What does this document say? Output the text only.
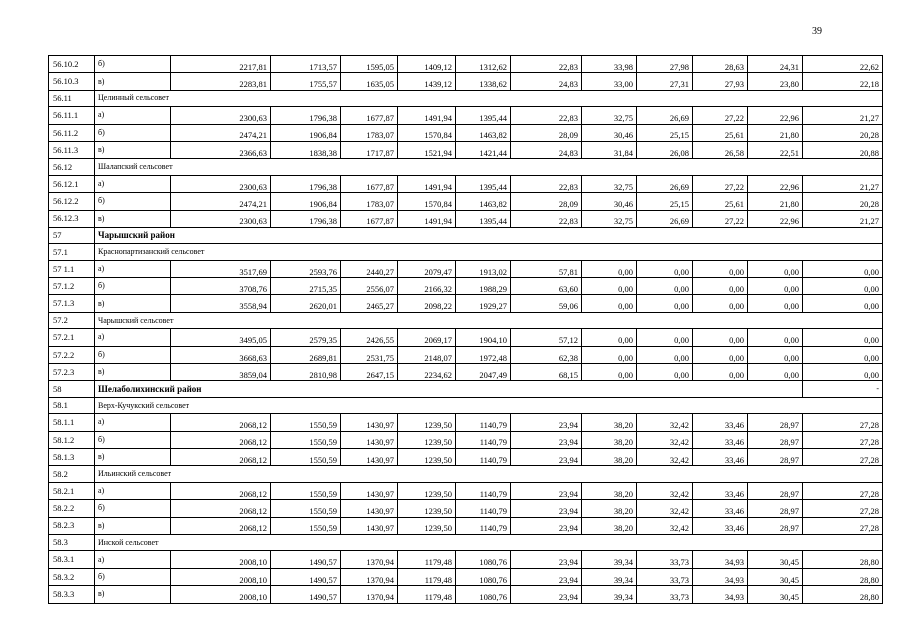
39
56.10.2	б)	2217,81	1713,57	1595,05	1409,12	1312,62	22,83	33,98	27,98	28,63	24,31	22,62
56.10.3	в)	2283,81	1755,57	1635,05	1439,12	1338,62	24,83	33,00	27,31	27,93	23,80	22,18
56.11	Целинный сельсовет											
56.11.1	а)	2300,63	1796,38	1677,87	1491,94	1395,44	22,83	32,75	26,69	27,22	22,96	21,27
56.11.2	б)	2474,21	1906,84	1783,07	1570,84	1463,82	28,09	30,46	25,15	25,61	21,80	20,28
56.11.3	в)	2366,63	1838,38	1717,87	1521,94	1421,44	24,83	31,84	26,08	26,58	22,51	20,88
56.12	Шалапский сельсовет											
56.12.1	а)	2300,63	1796,38	1677,87	1491,94	1395,44	22,83	32,75	26,69	27,22	22,96	21,27
56.12.2	б)	2474,21	1906,84	1783,07	1570,84	1463,82	28,09	30,46	25,15	25,61	21,80	20,28
56.12.3	в)	2300,63	1796,38	1677,87	1491,94	1395,44	22,83	32,75	26,69	27,22	22,96	21,27
57	Чарышский район											
57.1	Краснопартизанский сельсовет											
57 1.1	а)	3517,69	2593,76	2440,27	2079,47	1913,02	57,81	0,00	0,00	0,00	0,00	0,00
57.1.2	б)	3708,76	2715,35	2556,07	2166,32	1988,29	63,60	0,00	0,00	0,00	0,00	0,00
57.1.3	в)	3558,94	2620,01	2465,27	2098,22	1929,27	59,06	0,00	0,00	0,00	0,00	0,00
57.2	Чарышский сельсовет											
57.2.1	а)	3495,05	2579,35	2426,55	2069,17	1904,10	57,12	0,00	0,00	0,00	0,00	0,00
57.2.2	б)	3668,63	2689,81	2531,75	2148,07	1972,48	62,38	0,00	0,00	0,00	0,00	0,00
57.2.3	в)	3859,04	2810,98	2647,15	2234,62	2047,49	68,15	0,00	0,00	0,00	0,00	0,00
58	Шелаболихинский район											-
58.1	Верх-Кучукский сельсовет											
58.1.1	а)	2068,12	1550,59	1430,97	1239,50	1140,79	23,94	38,20	32,42	33,46	28,97	27,28
58.1.2	б)	2068,12	1550,59	1430,97	1239,50	1140,79	23,94	38,20	32,42	33,46	28,97	27,28
58.1.3	в)	2068,12	1550,59	1430,97	1239,50	1140,79	23,94	38,20	32,42	33,46	28,97	27,28
58.2	Ильинский сельсовет											
58.2.1	а)	2068,12	1550,59	1430,97	1239,50	1140,79	23,94	38,20	32,42	33,46	28,97	27,28
58.2.2	б)	2068,12	1550,59	1430,97	1239,50	1140,79	23,94	38,20	32,42	33,46	28,97	27,28
58.2.3	в)	2068,12	1550,59	1430,97	1239,50	1140,79	23,94	38,20	32,42	33,46	28,97	27,28
58.3	Инской сельсовет											
58.3.1	а)	2008,10	1490,57	1370,94	1179,48	1080,76	23,94	39,34	33,73	34,93	30,45	28,80
58.3.2	б)	2008,10	1490,57	1370,94	1179,48	1080,76	23,94	39,34	33,73	34,93	30,45	28,80
58.3.3	в)	2008,10	1490,57	1370,94	1179,48	1080,76	23,94	39,34	33,73	34,93	30,45	28,80
